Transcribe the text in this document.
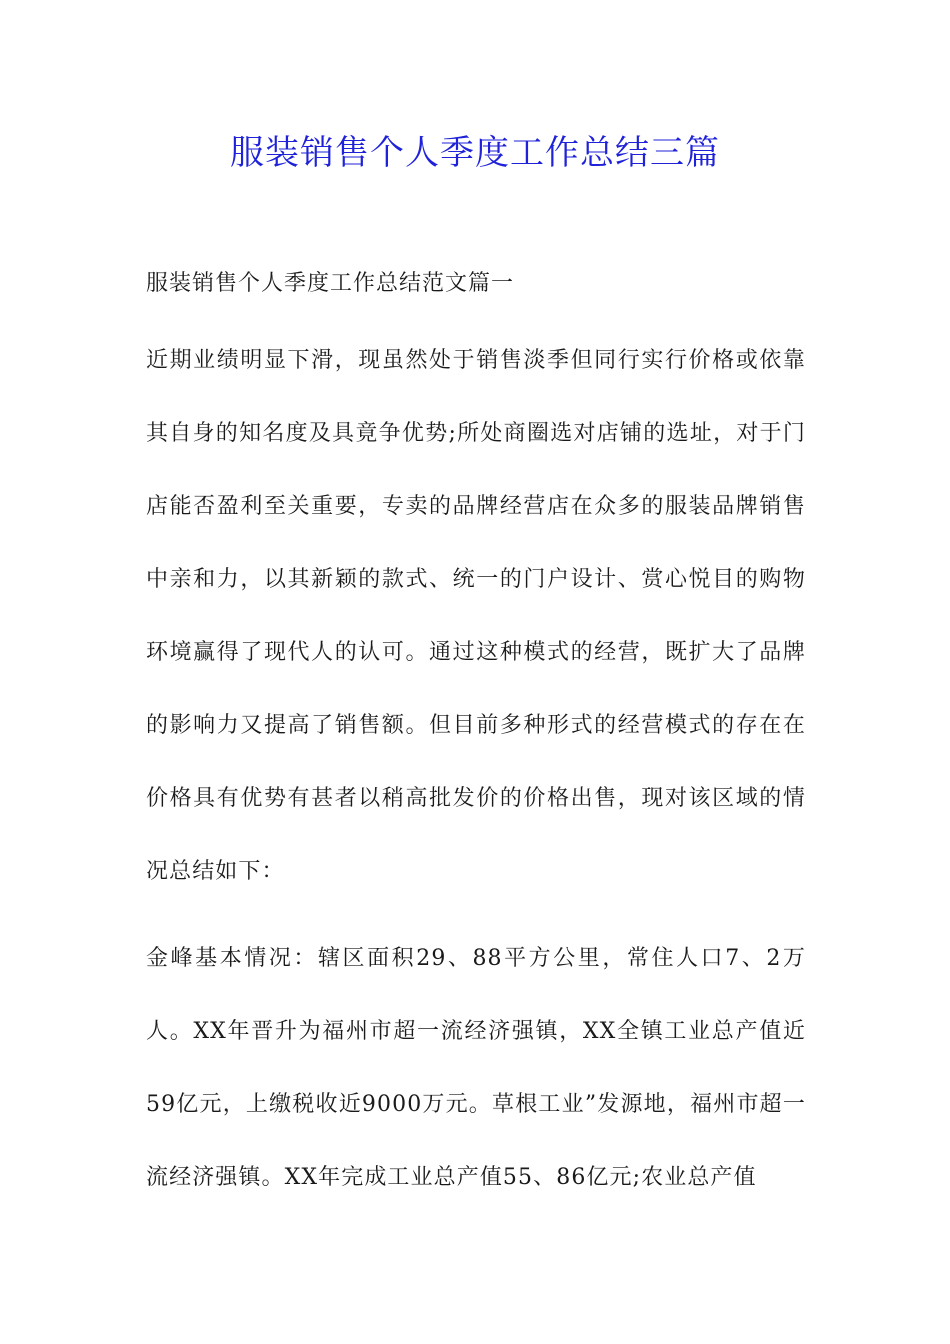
服装销售个人季度工作总结三篇
服装销售个人季度工作总结范文篇一

近期业绩明显下滑，现虽然处于销售淡季但同行实行价格或依靠其自身的知名度及具竟争优势;所处商圈选对店铺的选址，对于门店能否盈利至关重要，专卖的品牌经营店在众多的服装品牌销售中亲和力，以其新颖的款式、统一的门户设计、赏心悦目的购物环境赢得了现代人的认可。通过这种模式的经营，既扩大了品牌的影响力又提高了销售额。但目前多种形式的经营模式的存在在价格具有优势有甚者以稍高批发价的价格出售，现对该区域的情况总结如下：

金峰基本情况：辖区面积29、88平方公里，常住人口7、2万人。XX年晋升为福州市超一流经济强镇，XX全镇工业总产值近59亿元，上缴税收近9000万元。草根工业”发源地，福州市超一流经济强镇。XX年完成工业总产值55、86亿元;农业总产值
